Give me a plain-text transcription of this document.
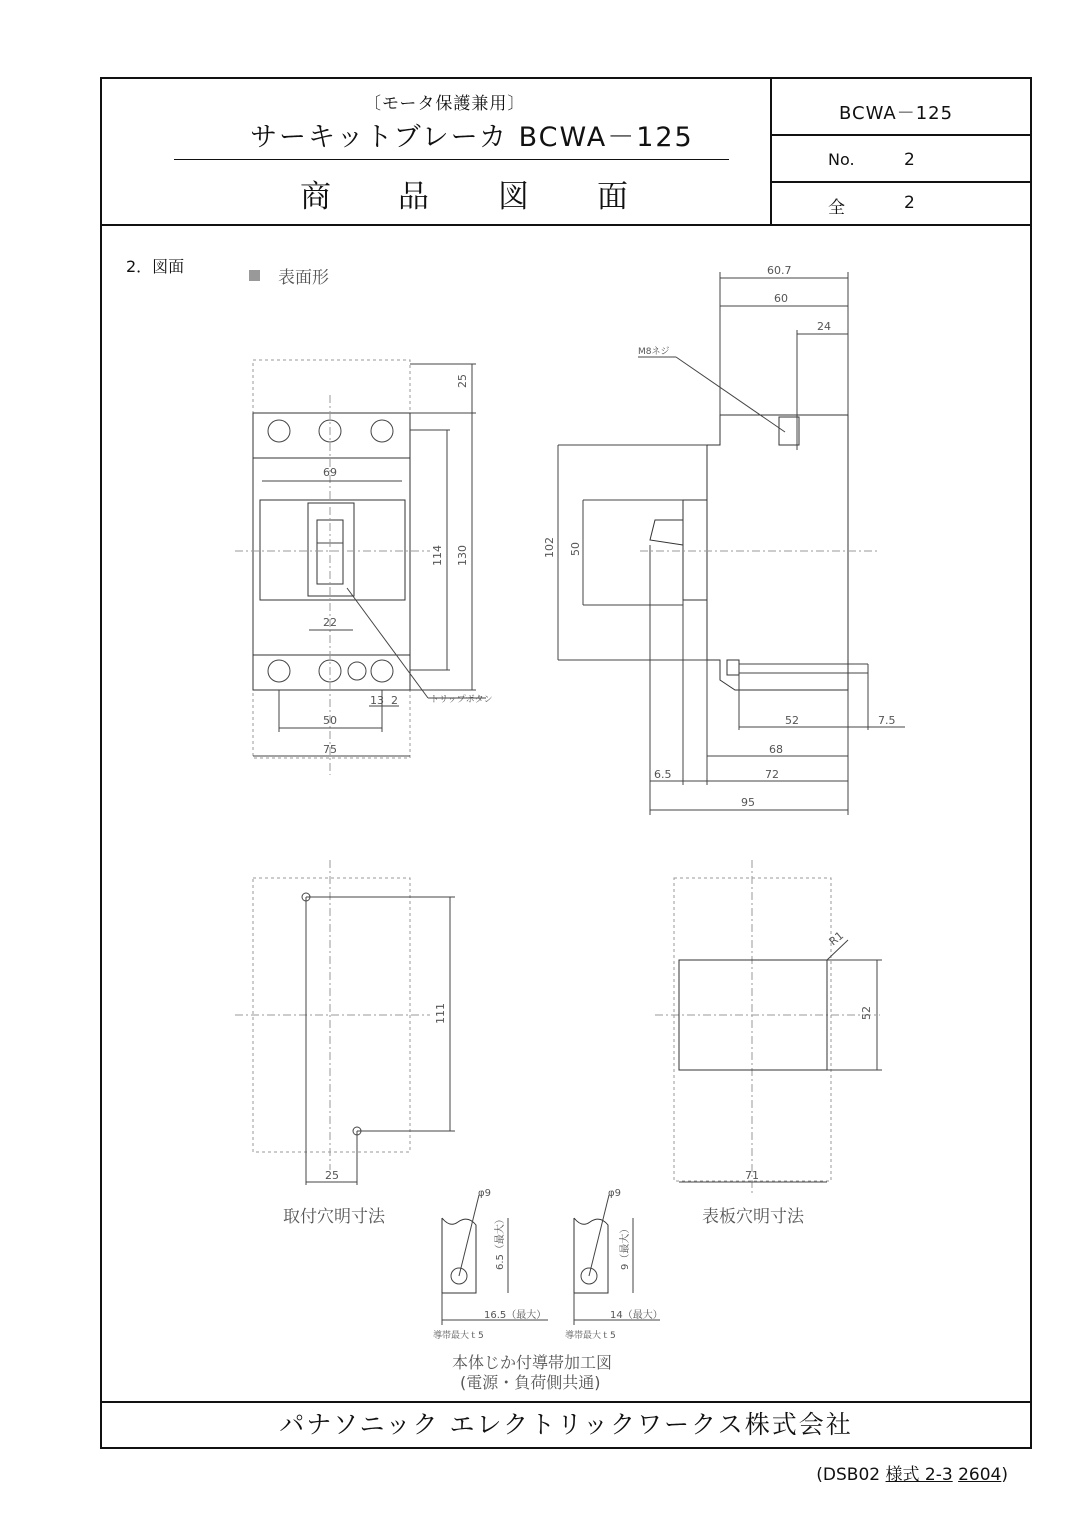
〔モータ保護兼用〕
サーキットブレーカ BCWA－125
商 品 図 面
BCWA－125
No.	2
全	2
パナソニック エレクトリックワークス株式会社
2．図面
表面形
25
114 130
69
22
トリップボタン
13 2
50
75
60.7
60
24
M8ネジ
102 50
52	7.5
68
6.5	72
95
111
25
取付穴明寸法
R1
52
71
表板穴明寸法
φ9
6.5（最大）
16.5（最大）
導帯最大ｔ5
φ9
9（最大）
14（最大）
導帯最大ｔ5
本体じか付導帯加工図
(電源・負荷側共通)
(DSB02 様式 2-3 2604)
